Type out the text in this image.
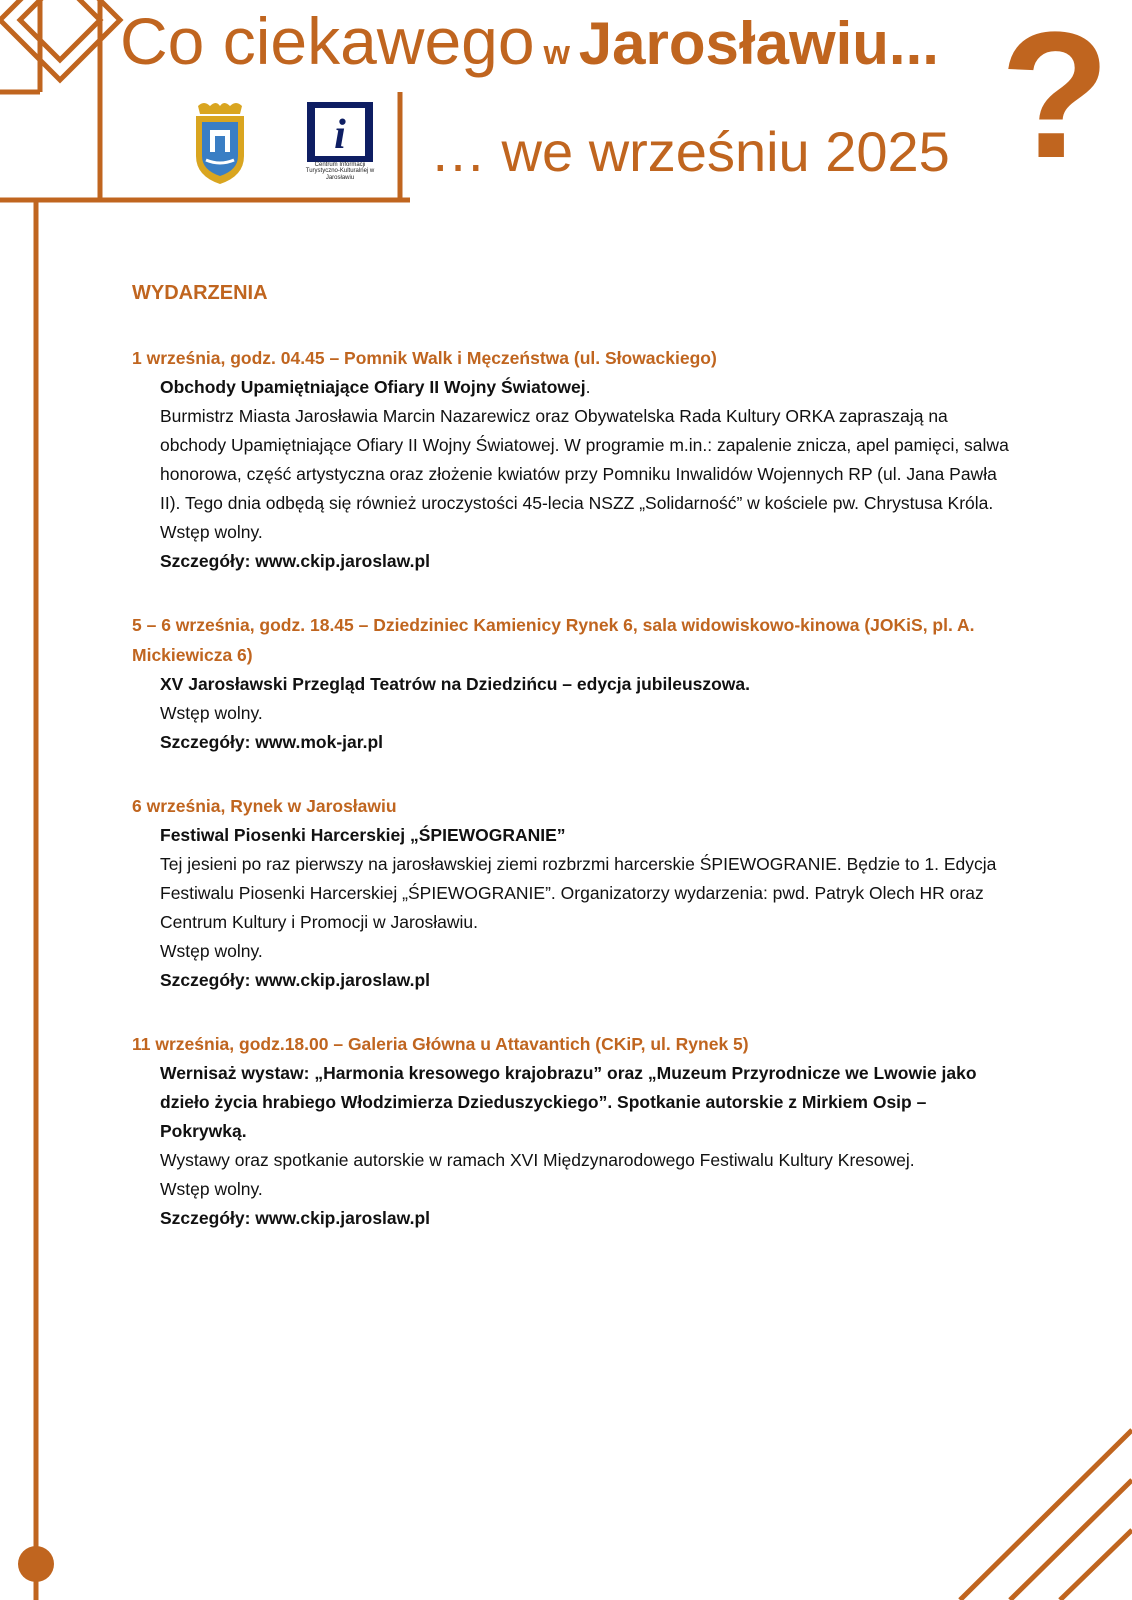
Co ciekawego w Jarosławiu... ?
… we wrześniu 2025
i
Centrum Informacji Turystyczno-Kulturalnej w Jarosławiu
WYDARZENIA

1 września, godz. 04.45 – Pomnik Walk i Męczeństwa (ul. Słowackiego)

Obchody Upamiętniające Ofiary II Wojny Światowej.

Burmistrz Miasta Jarosławia Marcin Nazarewicz oraz Obywatelska Rada Kultury ORKA zapraszają na obchody Upamiętniające Ofiary II Wojny Światowej. W programie m.in.: zapalenie znicza, apel pamięci, salwa honorowa, część artystyczna oraz złożenie kwiatów przy Pomniku Inwalidów Wojennych RP (ul. Jana Pawła II). Tego dnia odbędą się również uroczystości 45-lecia NSZZ „Solidarność” w kościele pw. Chrystusa Króla.

Wstęp wolny.

Szczegóły: www.ckip.jaroslaw.pl

5 – 6 września, godz. 18.45 – Dziedziniec Kamienicy Rynek 6, sala widowiskowo-kinowa (JOKiS, pl. A. Mickiewicza 6)

XV Jarosławski Przegląd Teatrów na Dziedzińcu – edycja jubileuszowa.

Wstęp wolny.

Szczegóły: www.mok-jar.pl

6 września, Rynek w Jarosławiu

Festiwal Piosenki Harcerskiej „ŚPIEWOGRANIE”

Tej jesieni po raz pierwszy na jarosławskiej ziemi rozbrzmi harcerskie ŚPIEWOGRANIE. Będzie to 1. Edycja Festiwalu Piosenki Harcerskiej „ŚPIEWOGRANIE”. Organizatorzy wydarzenia: pwd. Patryk Olech HR oraz Centrum Kultury i Promocji w Jarosławiu.

Wstęp wolny.

Szczegóły: www.ckip.jaroslaw.pl

11 września, godz.18.00 – Galeria Główna u Attavantich (CKiP, ul. Rynek 5)

Wernisaż wystaw: „Harmonia kresowego krajobrazu” oraz „Muzeum Przyrodnicze we Lwowie jako dzieło życia hrabiego Włodzimierza Dzieduszyckiego”. Spotkanie autorskie z Mirkiem Osip – Pokrywką.

Wystawy oraz spotkanie autorskie w ramach XVI Międzynarodowego Festiwalu Kultury Kresowej.

Wstęp wolny.

Szczegóły: www.ckip.jaroslaw.pl
